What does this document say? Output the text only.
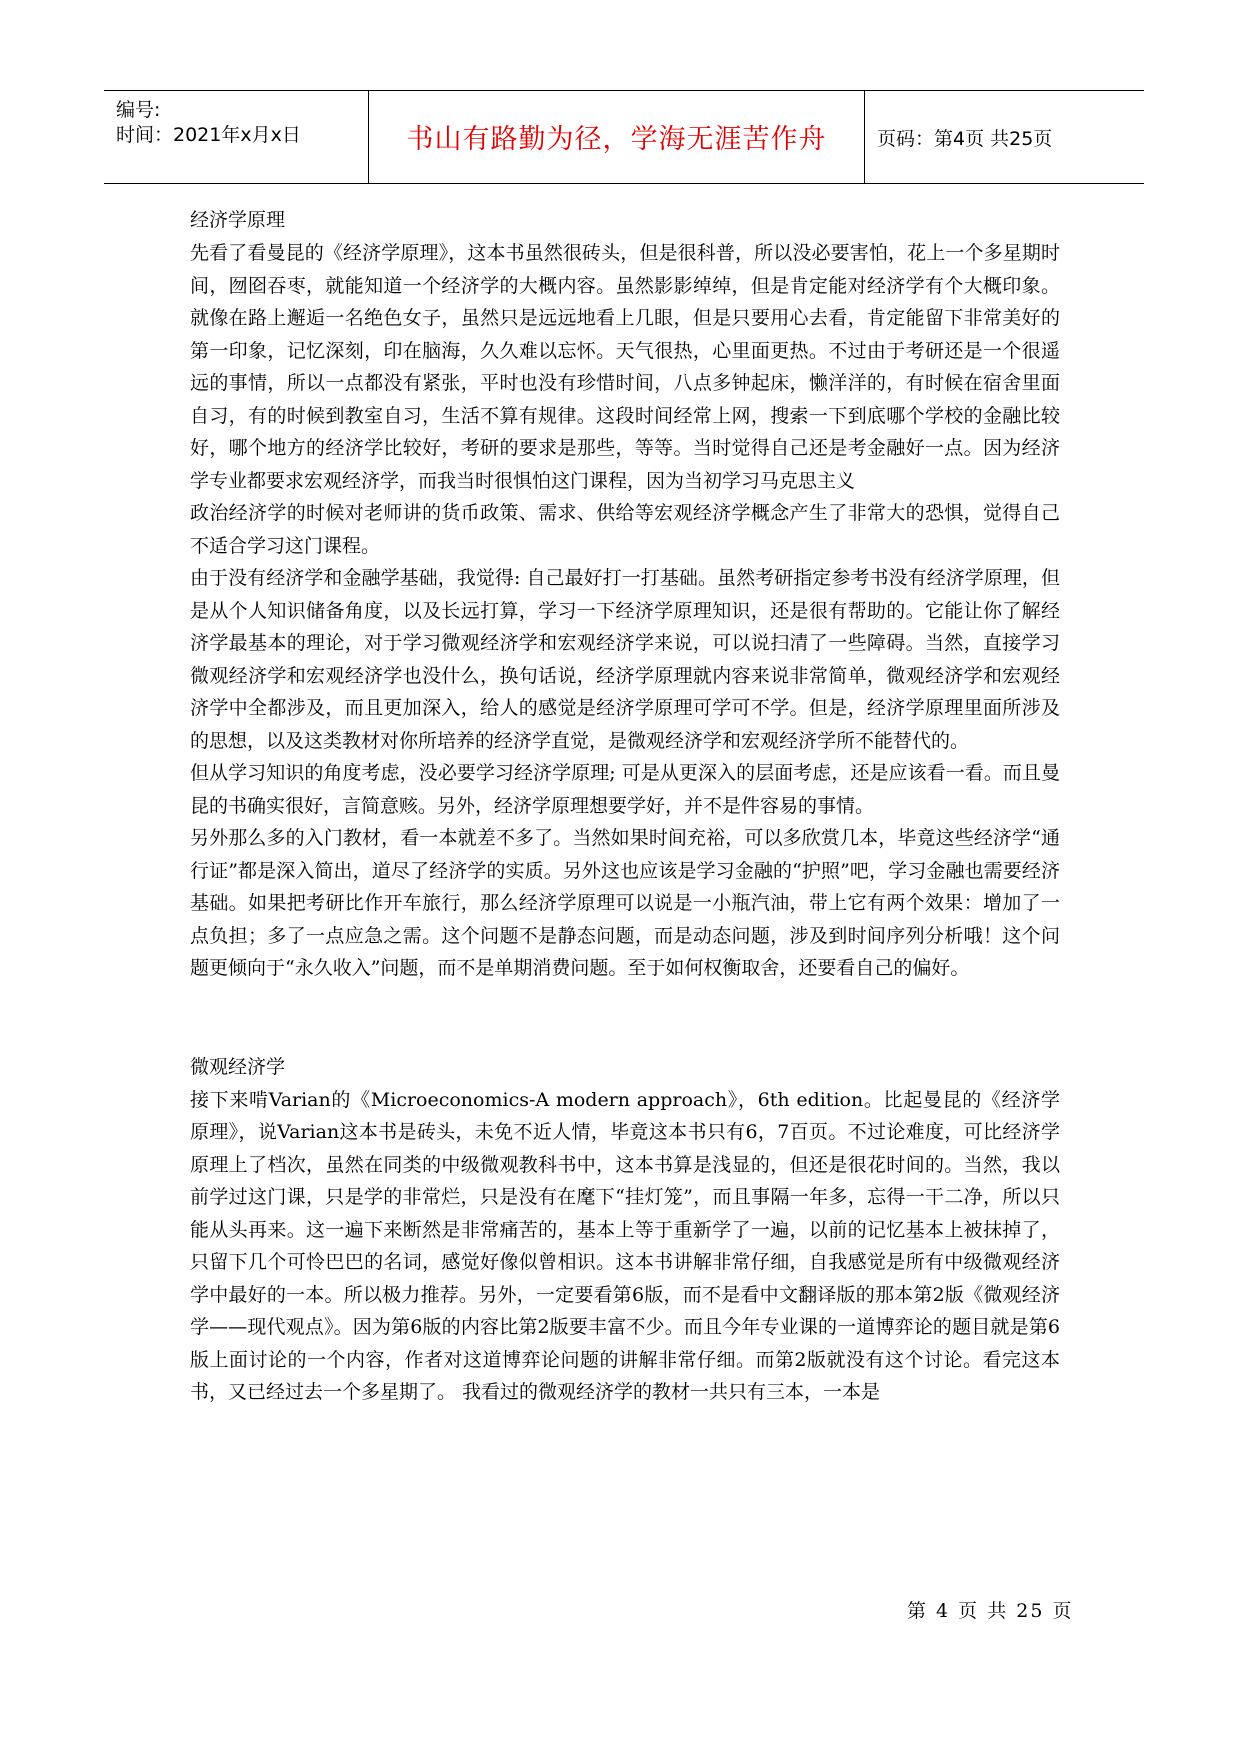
编号:
时间：2021年x月x日	书山有路勤为径，学海无涯苦作舟	页码：第4页 共25页
经济学原理

先看了看曼昆的《经济学原理》，这本书虽然很砖头，但是很科普，所以没必要害怕，花上一个多星期时间，囫囵吞枣，就能知道一个经济学的大概内容。虽然影影绰绰，但是肯定能对经济学有个大概印象。就像在路上邂逅一名绝色女子，虽然只是远远地看上几眼，但是只要用心去看，肯定能留下非常美好的第一印象，记忆深刻，印在脑海，久久难以忘怀。天气很热，心里面更热。不过由于考研还是一个很遥远的事情，所以一点都没有紧张，平时也没有珍惜时间，八点多钟起床，懒洋洋的，有时候在宿舍里面自习，有的时候到教室自习，生活不算有规律。这段时间经常上网，搜索一下到底哪个学校的金融比较好，哪个地方的经济学比较好，考研的要求是那些，等等。当时觉得自己还是考金融好一点。因为经济学专业都要求宏观经济学，而我当时很惧怕这门课程，因为当初学习马克思主义

政治经济学的时候对老师讲的货币政策、需求、供给等宏观经济学概念产生了非常大的恐惧，觉得自己不适合学习这门课程。

由于没有经济学和金融学基础，我觉得: 自己最好打一打基础。虽然考研指定参考书没有经济学原理，但是从个人知识储备角度，以及长远打算，学习一下经济学原理知识，还是很有帮助的。它能让你了解经济学最基本的理论，对于学习微观经济学和宏观经济学来说，可以说扫清了一些障碍。当然，直接学习微观经济学和宏观经济学也没什么，换句话说，经济学原理就内容来说非常简单，微观经济学和宏观经济学中全都涉及，而且更加深入，给人的感觉是经济学原理可学可不学。但是，经济学原理里面所涉及的思想，以及这类教材对你所培养的经济学直觉，是微观经济学和宏观经济学所不能替代的。

但从学习知识的角度考虑，没必要学习经济学原理; 可是从更深入的层面考虑，还是应该看一看。而且曼昆的书确实很好，言简意赅。另外，经济学原理想要学好，并不是件容易的事情。

另外那么多的入门教材，看一本就差不多了。当然如果时间充裕，可以多欣赏几本，毕竟这些经济学“通行证”都是深入简出，道尽了经济学的实质。另外这也应该是学习金融的“护照”吧，学习金融也需要经济基础。如果把考研比作开车旅行，那么经济学原理可以说是一小瓶汽油，带上它有两个效果：增加了一点负担；多了一点应急之需。这个问题不是静态问题，而是动态问题，涉及到时间序列分析哦！这个问题更倾向于“永久收入”问题，而不是单期消费问题。至于如何权衡取舍，还要看自己的偏好。

微观经济学

接下来啃Varian的《Microeconomics-A modern approach》，6th edition。比起曼昆的《经济学原理》，说Varian这本书是砖头，未免不近人情，毕竟这本书只有6，7百页。不过论难度，可比经济学原理上了档次，虽然在同类的中级微观教科书中，这本书算是浅显的，但还是很花时间的。当然，我以前学过这门课，只是学的非常烂，只是没有在麾下“挂灯笼”，而且事隔一年多，忘得一干二净，所以只能从头再来。这一遍下来断然是非常痛苦的，基本上等于重新学了一遍，以前的记忆基本上被抹掉了，只留下几个可怜巴巴的名词，感觉好像似曾相识。这本书讲解非常仔细，自我感觉是所有中级微观经济学中最好的一本。所以极力推荐。另外，一定要看第6版，而不是看中文翻译版的那本第2版《微观经济学——现代观点》。因为第6版的内容比第2版要丰富不少。而且今年专业课的一道博弈论的题目就是第6版上面讨论的一个内容，作者对这道博弈论问题的讲解非常仔细。而第2版就没有这个讨论。看完这本书，又已经过去一个多星期了。 我看过的微观经济学的教材一共只有三本，一本是

第 4 页 共 25 页
